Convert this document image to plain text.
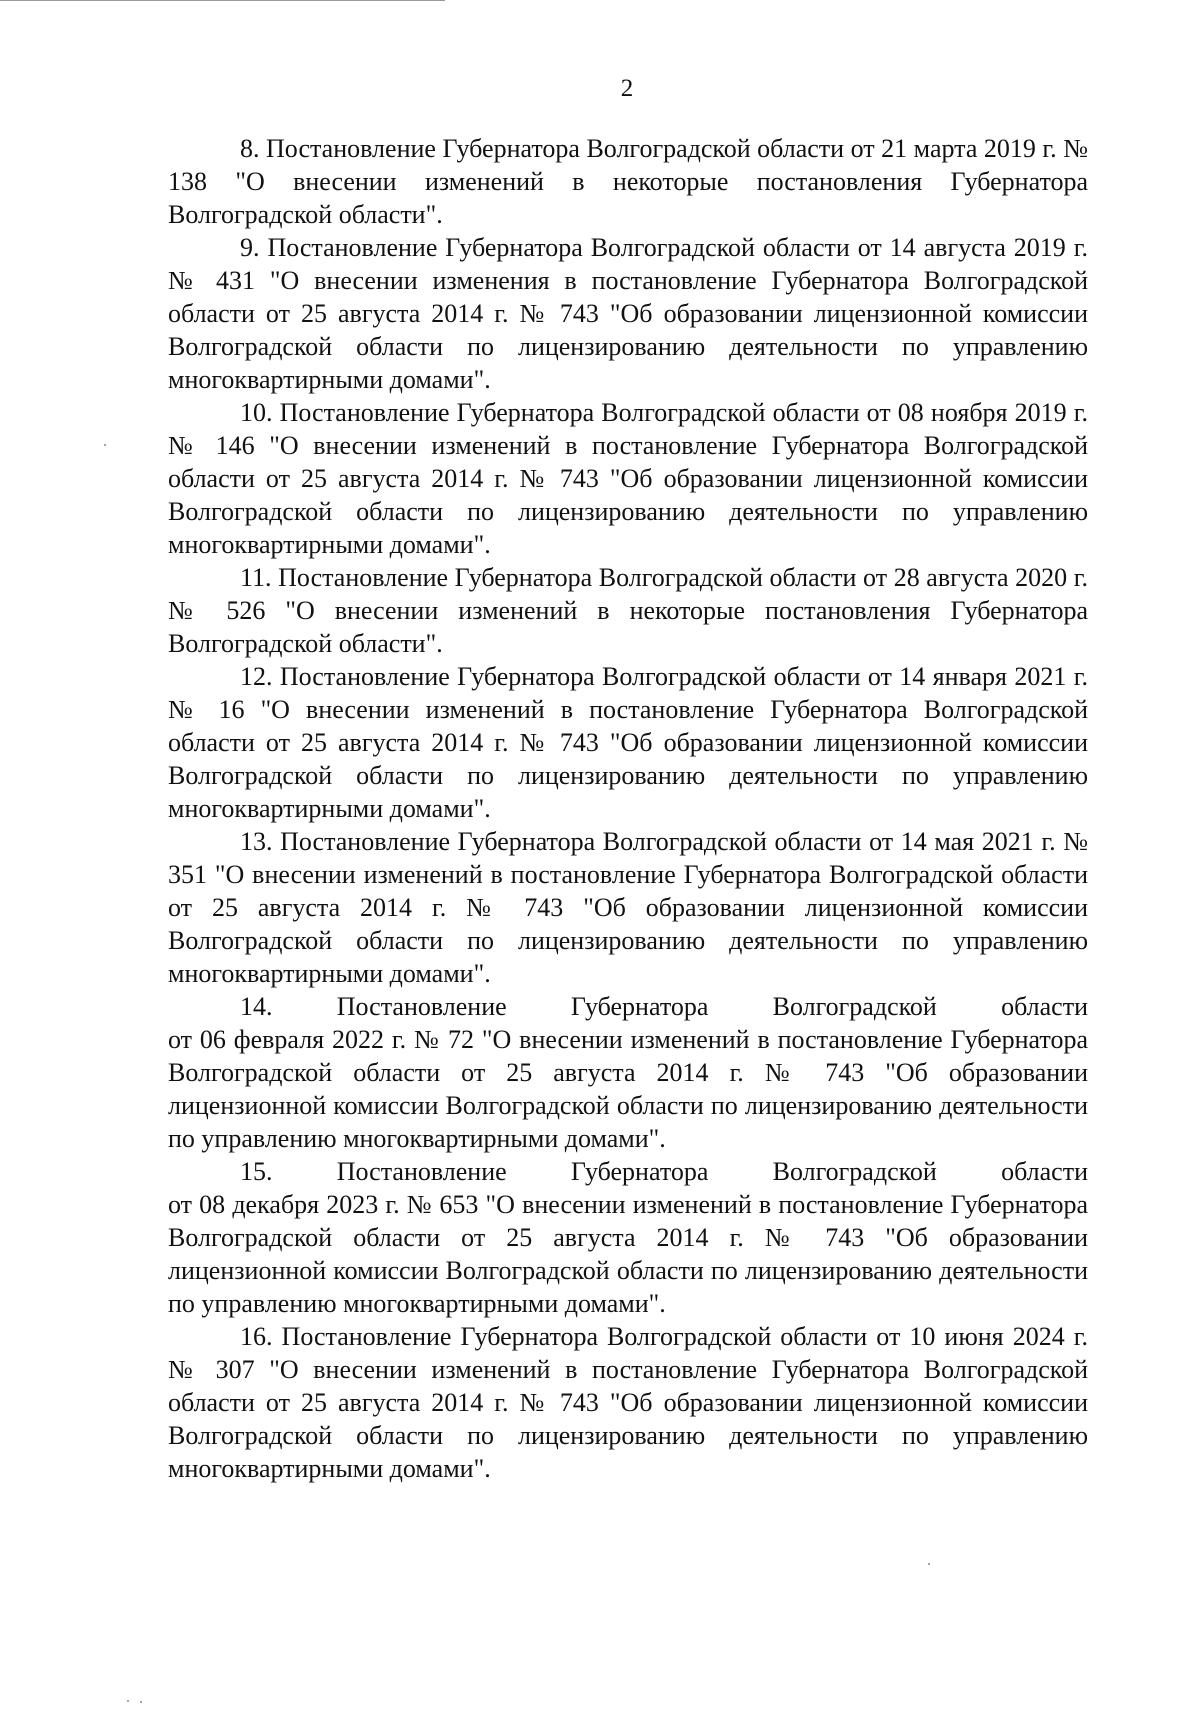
2

8. Постановление Губернатора Волгоградской области от 21 марта 2019 г. № 138 "О внесении изменений в некоторые постановления Губернатора Волгоградской области".

9. Постановление Губернатора Волгоградской области от 14 августа 2019 г. № 431 "О внесении изменения в постановление Губернатора Волгоградской области от 25 августа 2014 г. № 743 "Об образовании лицензионной комиссии Волгоградской области по лицензированию деятельности по управлению многоквартирными домами".

10. Постановление Губернатора Волгоградской области от 08 ноября 2019 г. № 146 "О внесении изменений в постановление Губернатора Волгоградской области от 25 августа 2014 г. № 743 "Об образовании лицензионной комиссии Волгоградской области по лицензированию деятельности по управлению многоквартирными домами".

11. Постановление Губернатора Волгоградской области от 28 августа 2020 г. № 526 "О внесении изменений в некоторые постановления Губернатора Волгоградской области".

12. Постановление Губернатора Волгоградской области от 14 января 2021 г. № 16 "О внесении изменений в постановление Губернатора Волгоградской области от 25 августа 2014 г. № 743 "Об образовании лицензионной комиссии Волгоградской области по лицензированию деятельности по управлению многоквартирными домами".

13. Постановление Губернатора Волгоградской области от 14 мая 2021 г. № 351 "О внесении изменений в постановление Губернатора Волгоградской области от 25 августа 2014 г. № 743 "Об образовании лицензионной комиссии Волгоградской области по лицензированию деятельности по управлению многоквартирными домами".

14. Постановление Губернатора Волгоградской области

от 06 февраля 2022 г. № 72 "О внесении изменений в постановление Губернатора Волгоградской области от 25 августа 2014 г. № 743 "Об образовании лицензионной комиссии Волгоградской области по лицензированию деятельности по управлению многоквартирными домами".

15. Постановление Губернатора Волгоградской области

от 08 декабря 2023 г. № 653 "О внесении изменений в постановление Губернатора Волгоградской области от 25 августа 2014 г. № 743 "Об образовании лицензионной комиссии Волгоградской области по лицензированию деятельности по управлению многоквартирными домами".

16. Постановление Губернатора Волгоградской области от 10 июня 2024 г. № 307 "О внесении изменений в постановление Губернатора Волгоградской области от 25 августа 2014 г. № 743 "Об образовании лицензионной комиссии Волгоградской области по лицензированию деятельности по управлению многоквартирными домами".
